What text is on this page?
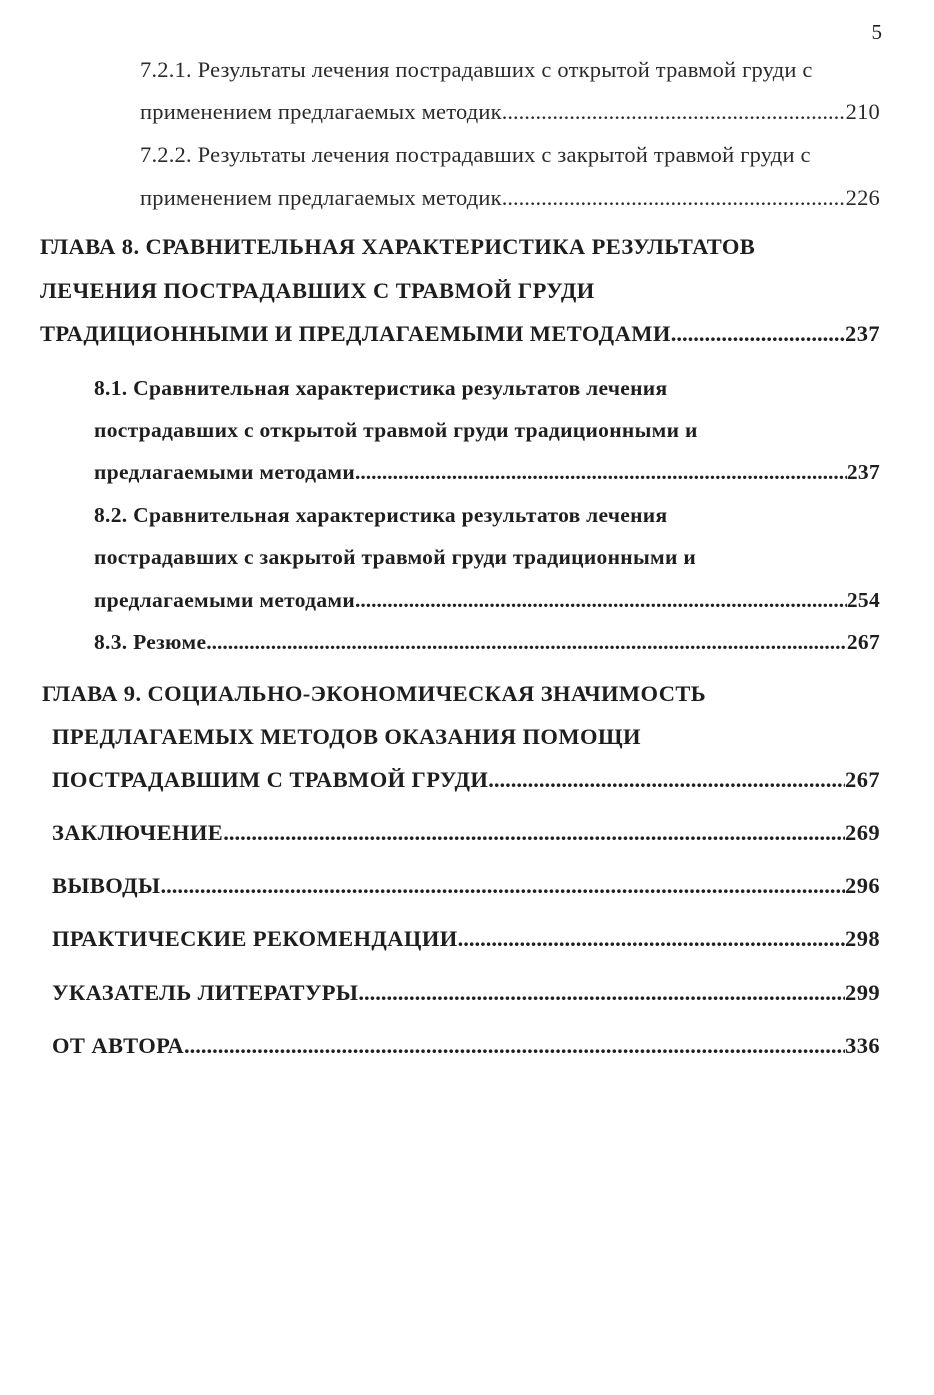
5
7.2.1. Результаты лечения пострадавших с открытой травмой груди с
применением предлагаемых методик .....	210
7.2.2. Результаты лечения пострадавших с закрытой травмой груди с
применением предлагаемых методик .....	226
ГЛАВА 8. СРАВНИТЕЛЬНАЯ ХАРАКТЕРИСТИКА РЕЗУЛЬТАТОВ
ЛЕЧЕНИЯ ПОСТРАДАВШИХ С ТРАВМОЙ ГРУДИ
ТРАДИЦИОННЫМИ И ПРЕДЛАГАЕМЫМИ МЕТОДАМИ .....	237
8.1. Сравнительная характеристика результатов лечения
пострадавших с открытой травмой груди традиционными и
предлагаемыми методами .....	237
8.2. Сравнительная характеристика результатов лечения
пострадавших с закрытой травмой груди традиционными и
предлагаемыми методами .....	254
8.3. Резюме .....	267
ГЛАВА 9. СОЦИАЛЬНО-ЭКОНОМИЧЕСКАЯ ЗНАЧИМОСТЬ
ПРЕДЛАГАЕМЫХ МЕТОДОВ ОКАЗАНИЯ ПОМОЩИ
ПОСТРАДАВШИМ С ТРАВМОЙ ГРУДИ .....	267
ЗАКЛЮЧЕНИЕ .....	269
ВЫВОДЫ .....	296
ПРАКТИЧЕСКИЕ РЕКОМЕНДАЦИИ .....	298
УКАЗАТЕЛЬ ЛИТЕРАТУРЫ .....	299
ОТ АВТОРА .....	336
